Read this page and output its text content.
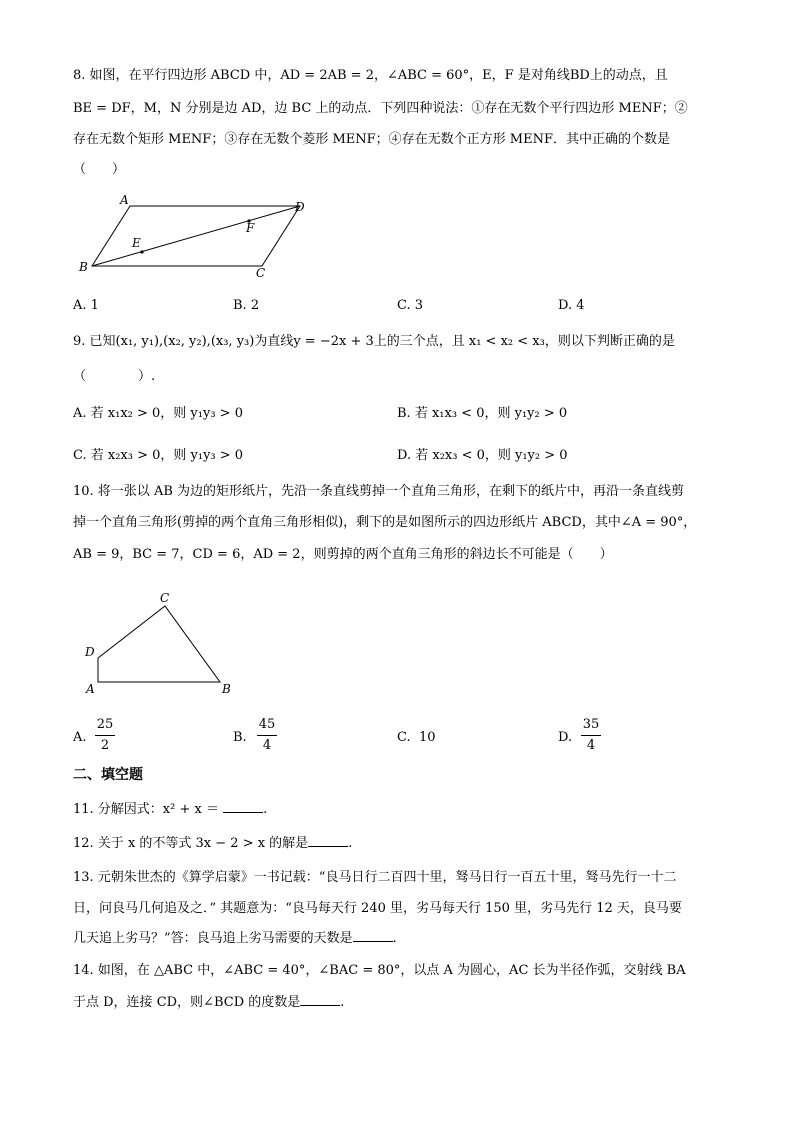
8. 如图，在平行四边形 ABCD 中，AD = 2AB = 2，∠ABC = 60°，E，F 是对角线BD上的动点，且
BE = DF，M，N 分别是边 AD，边 BC 上的动点．下列四种说法：①存在无数个平行四边形 MENF；②
存在无数个矩形 MENF；③存在无数个菱形 MENF；④存在无数个正方形 MENF．其中正确的个数是
（　　）
A
B	C
D
E
F
A. 1	B. 2	C. 3	D. 4
9. 已知(x₁, y₁),(x₂, y₂),(x₃, y₃)为直线y = −2x + 3上的三个点，且 x₁ < x₂ < x₃，则以下判断正确的是
（　　　　）.
A. 若 x₁x₂ > 0，则 y₁y₃ > 0	B. 若 x₁x₃ < 0，则 y₁y₂ > 0
C. 若 x₂x₃ > 0，则 y₁y₃ > 0	D. 若 x₂x₃ < 0，则 y₁y₂ > 0
10. 将一张以 AB 为边的矩形纸片，先沿一条直线剪掉一个直角三角形，在剩下的纸片中，再沿一条直线剪
掉一个直角三角形(剪掉的两个直角三角形相似)，剩下的是如图所示的四边形纸片 ABCD，其中∠A = 90°，
AB = 9，BC = 7，CD = 6，AD = 2，则剪掉的两个直角三角形的斜边长不可能是（　　）
C
D
A	B
A.
25
2
B.
45
4
C. 10	D.
35
4
二、填空题
11. 分解因式：x² + x ＝	.
12. 关于 x 的不等式 3x − 2 > x 的解是	.
13. 元朝朱世杰的《算学启蒙》一书记载：“良马日行二百四十里，驽马日行一百五十里，驽马先行一十二
日，问良马几何追及之．” 其题意为：“良马每天行 240 里，劣马每天行 150 里，劣马先行 12 天，良马要
几天追上劣马？”答：良马追上劣马需要的天数是	.
14. 如图，在 △ABC 中，∠ABC = 40°，∠BAC = 80°，以点 A 为圆心，AC 长为半径作弧，交射线 BA
于点 D，连接 CD，则∠BCD 的度数是	.
